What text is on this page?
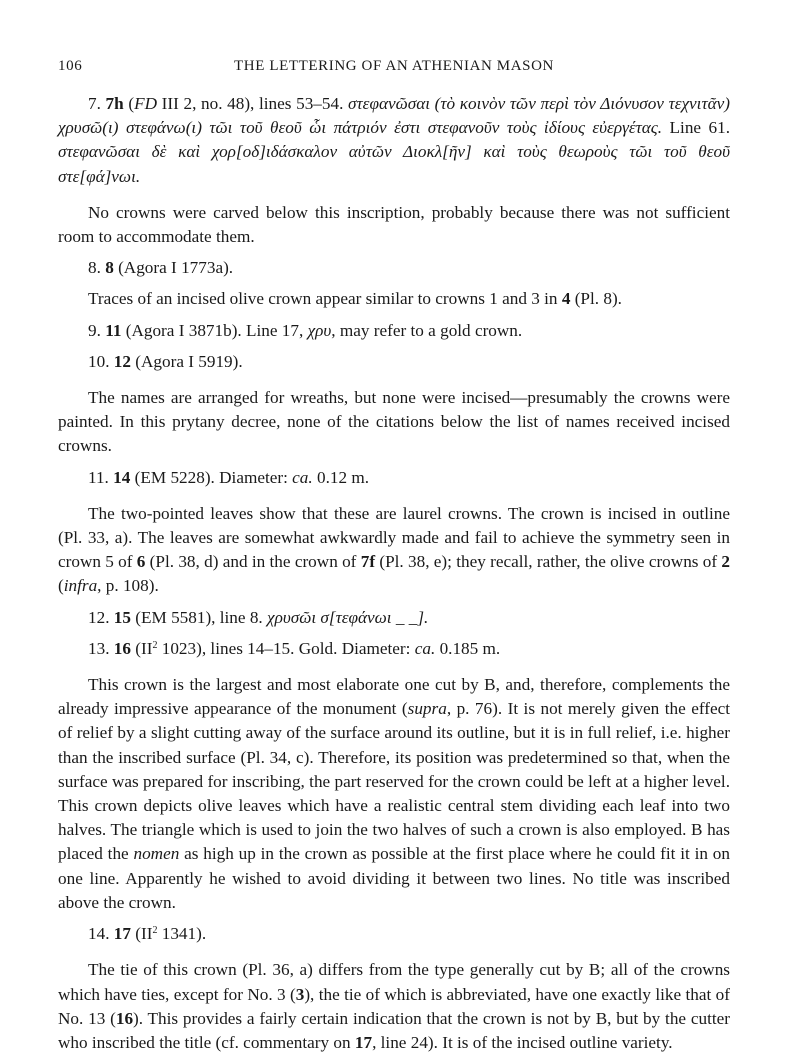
106	THE LETTERING OF AN ATHENIAN MASON

7. 7h (FD III 2, no. 48), lines 53–54. στεφανῶσαι (τὸ κοινὸν τῶν περὶ τὸν Διόνυσον τεχνιτᾶν) χρυσῶ(ι) στεφάνω(ι) τῶι τοῦ θεοῦ ὧι πάτριόν ἐστι στεφανοῦν τοὺς ἰδίους εὐεργέτας. Line 61. στεφανῶσαι δὲ καὶ χορ[οδ]ιδάσκαλον αὐτῶν Διοκλ[ῆν] καὶ τοὺς θεωροὺς τῶι τοῦ θεοῦ στε[φά]νωι.

No crowns were carved below this inscription, probably because there was not sufficient room to accommodate them.

8. 8 (Agora I 1773a).

Traces of an incised olive crown appear similar to crowns 1 and 3 in 4 (Pl. 8).

9. 11 (Agora I 3871b). Line 17, χρυ, may refer to a gold crown.

10. 12 (Agora I 5919).

The names are arranged for wreaths, but none were incised—presumably the crowns were painted. In this prytany decree, none of the citations below the list of names received incised crowns.

11. 14 (EM 5228). Diameter: ca. 0.12 m.

The two-pointed leaves show that these are laurel crowns. The crown is incised in outline (Pl. 33, a). The leaves are somewhat awkwardly made and fail to achieve the symmetry seen in crown 5 of 6 (Pl. 38, d) and in the crown of 7f (Pl. 38, e); they recall, rather, the olive crowns of 2 (infra, p. 108).

12. 15 (EM 5581), line 8. χρυσῶι σ[τεφάνωι _ _].

13. 16 ($II^2$ 1023), lines 14–15. Gold. Diameter: ca. 0.185 m.

This crown is the largest and most elaborate one cut by B, and, therefore, complements the already impressive appearance of the monument (supra, p. 76). It is not merely given the effect of relief by a slight cutting away of the surface around its outline, but it is in full relief, i.e. higher than the inscribed surface (Pl. 34, c). Therefore, its position was predetermined so that, when the surface was prepared for inscribing, the part reserved for the crown could be left at a higher level. This crown depicts olive leaves which have a realistic central stem dividing each leaf into two halves. The triangle which is used to join the two halves of such a crown is also employed. B has placed the nomen as high up in the crown as possible at the first place where he could fit it in on one line. Apparently he wished to avoid dividing it between two lines. No title was inscribed above the crown.

14. 17 ($II^2$ 1341).

The tie of this crown (Pl. 36, a) differs from the type generally cut by B; all of the crowns which have ties, except for No. 3 (3), the tie of which is abbreviated, have one exactly like that of No. 13 (16). This provides a fairly certain indication that the crown is not by B, but by the cutter who inscribed the title (cf. commentary on 17, line 24). It is of the incised outline variety.
